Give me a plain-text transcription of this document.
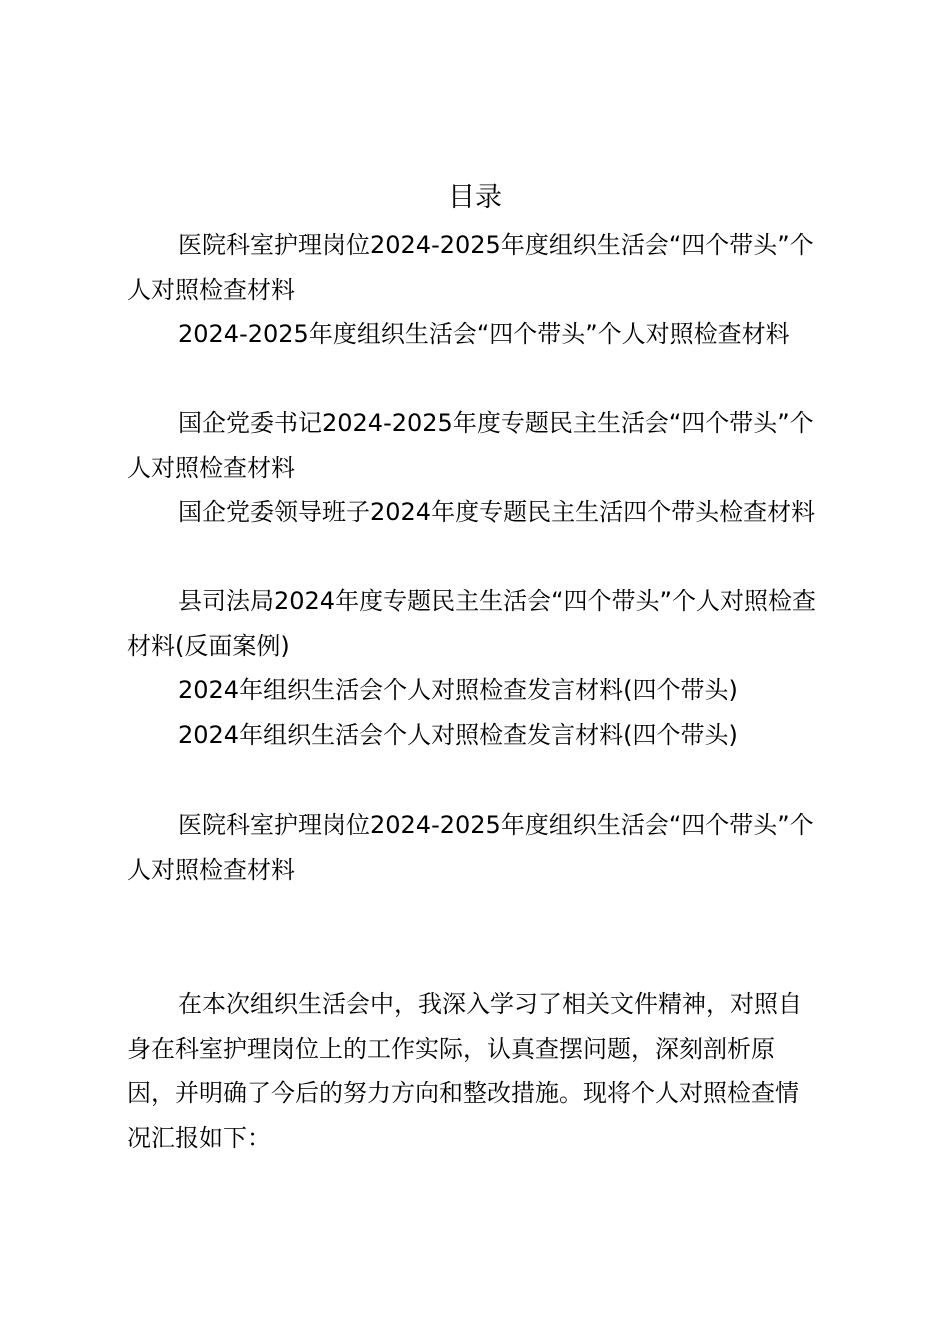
目录

医院科室护理岗位2024-2025年度组织生活会“四个带头”个人对照检查材料

2024-2025年度组织生活会“四个带头”个人对照检查材料

国企党委书记2024-2025年度专题民主生活会“四个带头”个人对照检查材料

国企党委领导班子2024年度专题民主生活四个带头检查材料

县司法局2024年度专题民主生活会“四个带头”个人对照检查材料(反面案例)

2024年组织生活会个人对照检查发言材料(四个带头)

2024年组织生活会个人对照检查发言材料(四个带头)

医院科室护理岗位2024-2025年度组织生活会“四个带头”个人对照检查材料

在本次组织生活会中，我深入学习了相关文件精神，对照自身在科室护理岗位上的工作实际，认真查摆问题，深刻剖析原因，并明确了今后的努力方向和整改措施。现将个人对照检查情况汇报如下：
